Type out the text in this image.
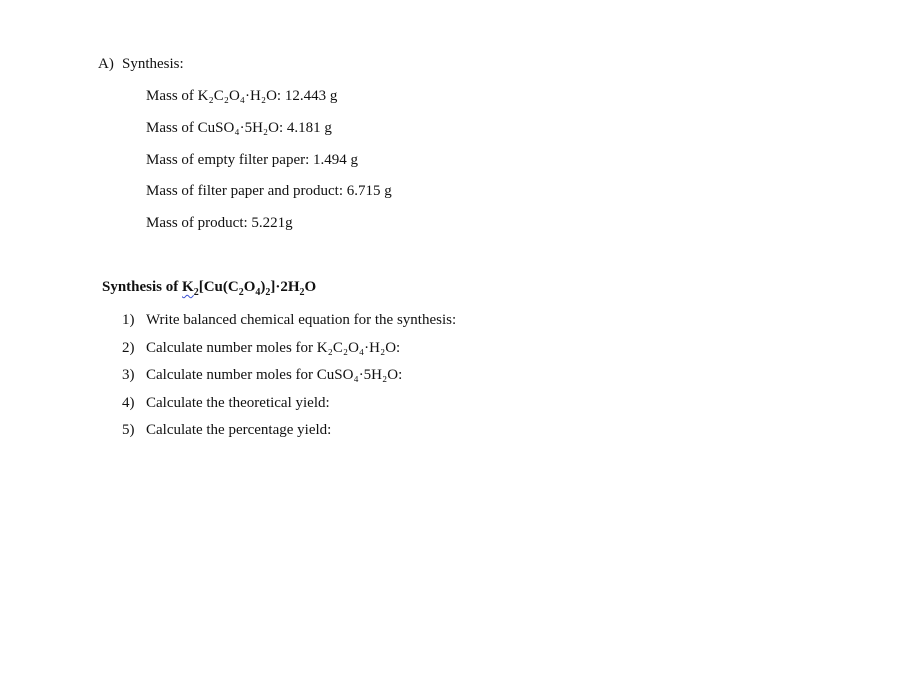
A) Synthesis:
Mass of K₂C₂O₄·H₂O: 12.443 g
Mass of CuSO₄·5H₂O: 4.181 g
Mass of empty filter paper: 1.494 g
Mass of filter paper and product: 6.715 g
Mass of product: 5.221g
Synthesis of $K_2[Cu(C_2O_4)_2]\cdot 2H_2O$
1) Write balanced chemical equation for the synthesis:
2) Calculate number moles for K₂C₂O₄·H₂O:
3) Calculate number moles for CuSO₄·5H₂O:
4) Calculate the theoretical yield:
5) Calculate the percentage yield:
